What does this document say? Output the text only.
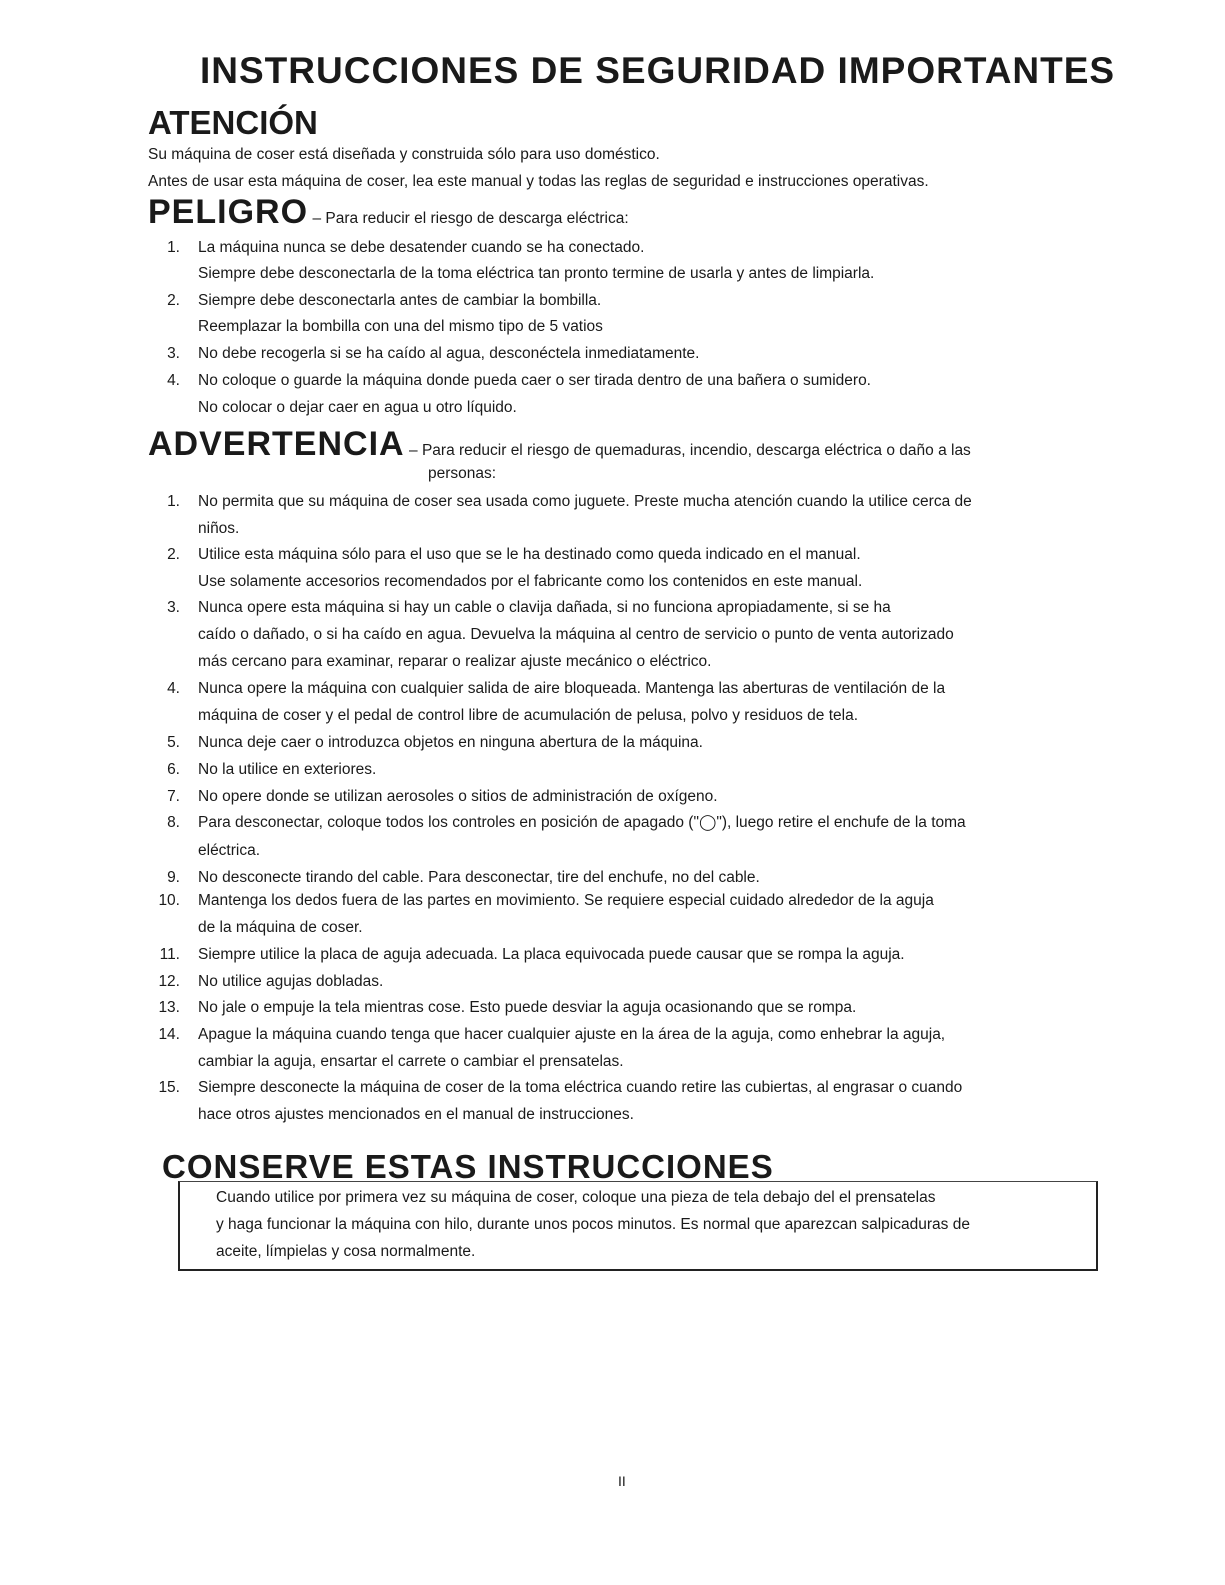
INSTRUCCIONES DE SEGURIDAD IMPORTANTES
ATENCIÓN
Su máquina de coser está diseñada y construida sólo para uso doméstico.
Antes de usar esta máquina de coser, lea este manual y todas las reglas de seguridad e instrucciones operativas.
PELIGRO – Para reducir el riesgo de descarga eléctrica:
1. La máquina nunca se debe desatender cuando se ha conectado.
Siempre debe desconectarla de la toma eléctrica tan pronto termine de usarla y antes de limpiarla.
2. Siempre debe desconectarla antes de cambiar la bombilla.
Reemplazar la bombilla con una del mismo tipo de 5 vatios
3. No debe recogerla si se ha caído al agua, desconéctela inmediatamente.
4. No coloque o guarde la máquina donde pueda caer o ser tirada dentro de una bañera o sumidero.
No colocar o dejar caer en agua u otro líquido.
ADVERTENCIA – Para reducir el riesgo de quemaduras, incendio, descarga eléctrica o daño a las
personas:
1. No permita que su máquina de coser sea usada como juguete. Preste mucha atención cuando la utilice cerca de
niños.
2. Utilice esta máquina sólo para el uso que se le ha destinado como queda indicado en el manual.
Use solamente accesorios recomendados por el fabricante como los contenidos en este manual.
3. Nunca opere esta máquina si hay un cable o clavija dañada, si no funciona apropiadamente, si se ha
caído o dañado, o si ha caído en agua. Devuelva la máquina al centro de servicio o punto de venta autorizado
más cercano para examinar, reparar o realizar ajuste mecánico o eléctrico.
4. Nunca opere la máquina con cualquier salida de aire bloqueada. Mantenga las aberturas de ventilación de la
máquina de coser y el pedal de control libre de acumulación de pelusa, polvo y residuos de tela.
5. Nunca deje caer o introduzca objetos en ninguna abertura de la máquina.
6. No la utilice en exteriores.
7. No opere donde se utilizan aerosoles o sitios de administración de oxígeno.
8. Para desconectar, coloque todos los controles en posición de apagado ("◯"), luego retire el enchufe de la toma
eléctrica.
9. No desconecte tirando del cable. Para desconectar, tire del enchufe, no del cable.
10. Mantenga los dedos fuera de las partes en movimiento. Se requiere especial cuidado alrededor de la aguja
de la máquina de coser.
11. Siempre utilice la placa de aguja adecuada. La placa equivocada puede causar que se rompa la aguja.
12. No utilice agujas dobladas.
13. No jale o empuje la tela mientras cose. Esto puede desviar la aguja ocasionando que se rompa.
14. Apague la máquina cuando tenga que hacer cualquier ajuste en la área de la aguja, como enhebrar la aguja,
cambiar la aguja, ensartar el carrete o cambiar el prensatelas.
15. Siempre desconecte la máquina de coser de la toma eléctrica cuando retire las cubiertas, al engrasar o cuando
hace otros ajustes mencionados en el manual de instrucciones.
CONSERVE ESTAS INSTRUCCIONES
Cuando utilice por primera vez su máquina de coser, coloque una pieza de tela debajo del el prensatelas
y haga funcionar la máquina con hilo, durante unos pocos minutos. Es normal que aparezcan salpicaduras de
aceite, límpielas y cosa normalmente.
II
